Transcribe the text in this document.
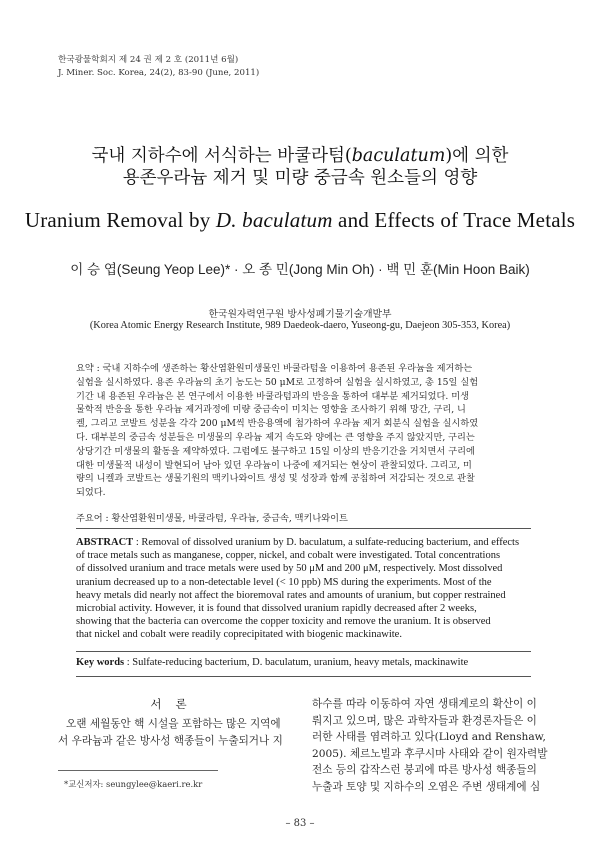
한국광물학회지 제 24 권 제 2 호 (2011년 6월)
J. Miner. Soc. Korea, 24(2), 83-90 (June, 2011)
국내 지하수에 서식하는 바쿨라텀(baculatum)에 의한
용존우라늄 제거 및 미량 중금속 원소들의 영향
Uranium Removal by D. baculatum and Effects of Trace Metals
이 승 엽(Seung Yeop Lee)* · 오 종 민(Jong Min Oh) · 백 민 훈(Min Hoon Baik)
한국원자력연구원 방사성폐기물기술개발부
(Korea Atomic Energy Research Institute, 989 Daedeok-daero, Yuseong-gu, Daejeon 305-353, Korea)
요약 : 국내 지하수에 생존하는 황산염환원미생물인 바쿨라텀을 이용하여 용존된 우라늄을 제거하는
실험을 실시하였다. 용존 우라늄의 초기 농도는 50 μM로 고정하여 실험을 실시하였고, 총 15일 실험
기간 내 용존된 우라늄은 본 연구에서 이용한 바쿨라텀과의 반응을 통하여 대부분 제거되었다. 미생
물학적 반응을 통한 우라늄 제거과정에 미량 중금속이 미치는 영향을 조사하기 위해 망간, 구리, 니
켈, 그리고 코발트 성분을 각각 200 μM씩 반응용액에 첨가하여 우라늄 제거 회분식 실험을 실시하였
다. 대부분의 중금속 성분들은 미생물의 우라늄 제거 속도와 양에는 큰 영향을 주지 않았지만, 구리는
상당기간 미생물의 활동을 제약하였다. 그럼에도 불구하고 15일 이상의 반응기간을 거치면서 구리에
대한 미생물적 내성이 발현되어 남아 있던 우라늄이 나중에 제거되는 현상이 관찰되었다. 그리고, 미
량의 니켈과 코발트는 생물기원의 맥키나와이트 생성 및 성장과 함께 공침하여 저감되는 것으로 관찰
되었다.
주요어 : 황산염환원미생물, 바쿨라텀, 우라늄, 중금속, 맥키나와이트
ABSTRACT : Removal of dissolved uranium by D. baculatum, a sulfate-reducing bacterium, and effects
of trace metals such as manganese, copper, nickel, and cobalt were investigated. Total concentrations
of dissolved uranium and trace metals were used by 50 μM and 200 μM, respectively. Most dissolved
uranium decreased up to a non-detectable level (< 10 ppb) MS during the experiments. Most of the
heavy metals did nearly not affect the bioremoval rates and amounts of uranium, but copper restrained
microbial activity. However, it is found that dissolved uranium rapidly decreased after 2 weeks,
showing that the bacteria can overcome the copper toxicity and remove the uranium. It is observed
that nickel and cobalt were readily coprecipitated with biogenic mackinawite.
Key words : Sulfate-reducing bacterium, D. baculatum, uranium, heavy metals, mackinawite
서론
오랜 세월동안 핵 시설을 포함하는 많은 지역에
서 우라늄과 같은 방사성 핵종들이 누출되거나 지
하수를 따라 이동하여 자연 생태계로의 확산이 이
뤄지고 있으며, 많은 과학자들과 환경론자들은 이
러한 사태를 염려하고 있다(Lloyd and Renshaw,
2005). 체르노빌과 후쿠시마 사태와 같이 원자력발
전소 등의 갑작스런 붕괴에 따른 방사성 핵종들의
누출과 토양 및 지하수의 오염은 주변 생태계에 심
*교신저자: seungylee@kaeri.re.kr
– 83 –
